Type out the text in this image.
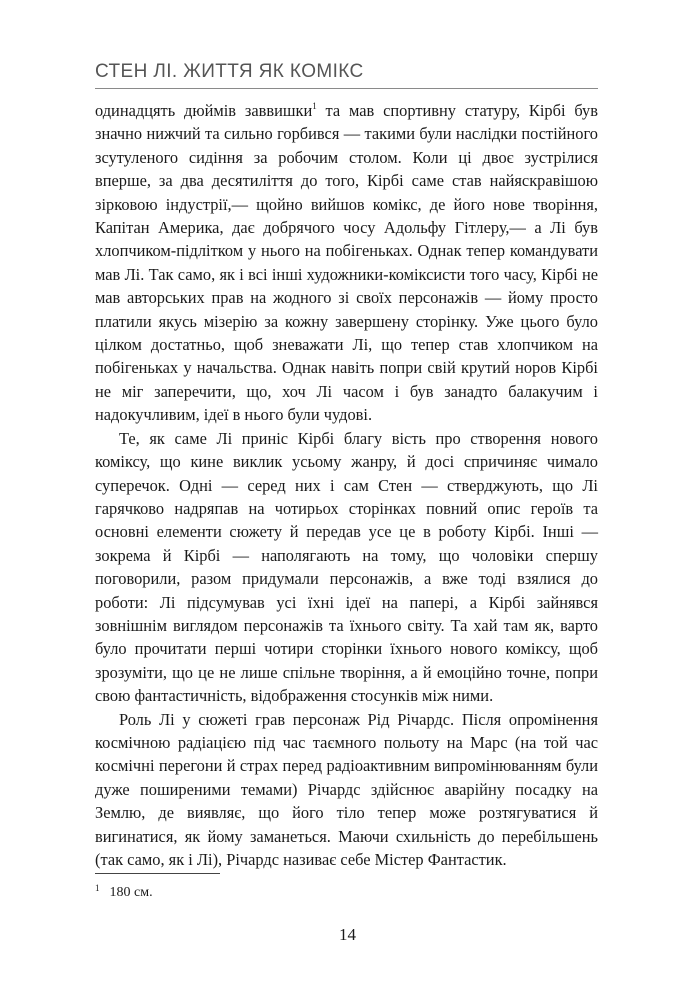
СТЕН ЛІ. ЖИТТЯ ЯК КОМІКС

одинадцять дюймів заввишки$^1$ та мав спортивну статуру, Кірбі був значно нижчий та сильно горбився — такими були наслідки постійного зсутуленого сидіння за робочим столом. Коли ці двоє зустрілися вперше, за два десятиліття до того, Кірбі саме став найяскравішою зірковою індустрії,— щойно вийшов комікс, де його нове творіння, Капітан Америка, дає добрячого чосу Адольфу Гітлеру,— а Лі був хлопчиком-підлітком у нього на побігеньках. Однак тепер командувати мав Лі. Так само, як і всі інші художники-коміксисти того часу, Кірбі не мав авторських прав на жодного зі своїх персонажів — йому просто платили якусь мізерію за кожну завершену сторінку. Уже цього було цілком достатньо, щоб зневажати Лі, що тепер став хлопчиком на побігеньках у начальства. Однак навіть попри свій крутий норов Кірбі не міг заперечити, що, хоч Лі часом і був занадто балакучим і надокучливим, ідеї в нього були чудові.

Те, як саме Лі приніс Кірбі благу вість про створення нового комiксу, що кине виклик усьому жанру, й досі спричиняє чимало суперечок. Одні — серед них і сам Стен — стверджують, що Лі гарячково надряпав на чотирьох сторінках повний опис героїв та основні елементи сюжету й передав усе це в роботу Кірбі. Інші — зокрема й Кірбі — наполягають на тому, що чоловіки спершу поговорили, разом придумали персонажів, а вже тоді взялися до роботи: Лі підсумував усі їхні ідеї на папері, а Кірбі зайнявся зовнішнім виглядом персонажів та їхнього світу. Та хай там як, варто було прочитати перші чотири сторінки їхнього нового коміксу, щоб зрозуміти, що це не лише спільне творіння, а й емоційно точне, попри свою фантастичність, відображення стосунків між ними.

Роль Лі у сюжеті грав персонаж Рід Річардс. Після опромінення космічною радіацією під час таємного польоту на Марс (на той час космічні перегони й страх перед радіоактивним випромінюванням були дуже поширеними темами) Річардс здійснює аварійну посадку на Землю, де виявляє, що його тіло тепер може розтягуватися й вигинатися, як йому заманеться. Маючи схильність до перебільшень (так само, як і Лі), Річардс називає себе Містер Фантастик.

$^1$ 180 см.
14
